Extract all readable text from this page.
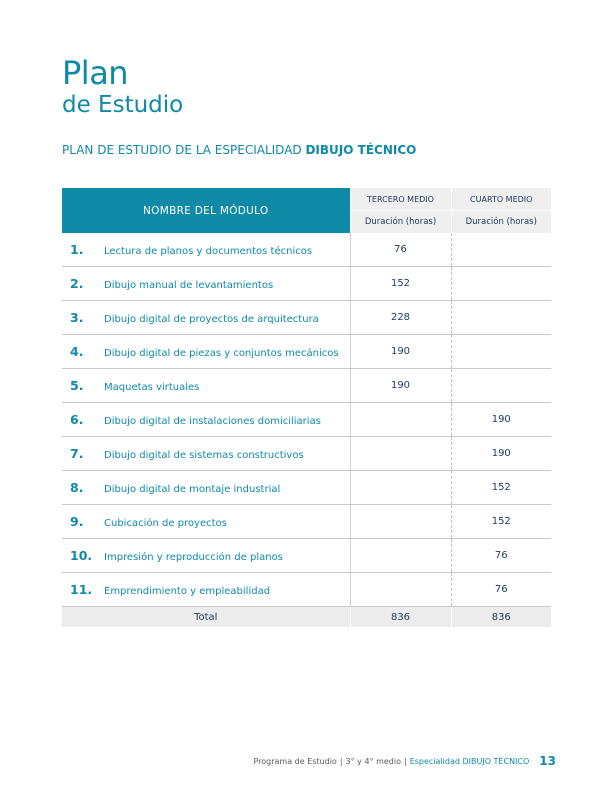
Plan
de Estudio
PLAN DE ESTUDIO DE LA ESPECIALIDAD DIBUJO TÉCNICO
NOMBRE DEL MÓDULO	TERCERO MEDIO	CUARTO MEDIO
	Duración (horas)	Duración (horas)
1. Lectura de planos y documentos técnicos	76	
2. Dibujo manual de levantamientos	152	
3. Dibujo digital de proyectos de arquitectura	228	
4. Dibujo digital de piezas y conjuntos mecánicos	190	
5. Maquetas virtuales	190	
6. Dibujo digital de instalaciones domiciliarias		190
7. Dibujo digital de sistemas constructivos		190
8. Dibujo digital de montaje industrial		152
9. Cubicación de proyectos		152
10. Impresión y reproducción de planos		76
11. Emprendimiento y empleabilidad		76
Total	836	836
Programa de Estudio | 3° y 4° medio | Especialidad DIBUJO TÉCNICO 13
